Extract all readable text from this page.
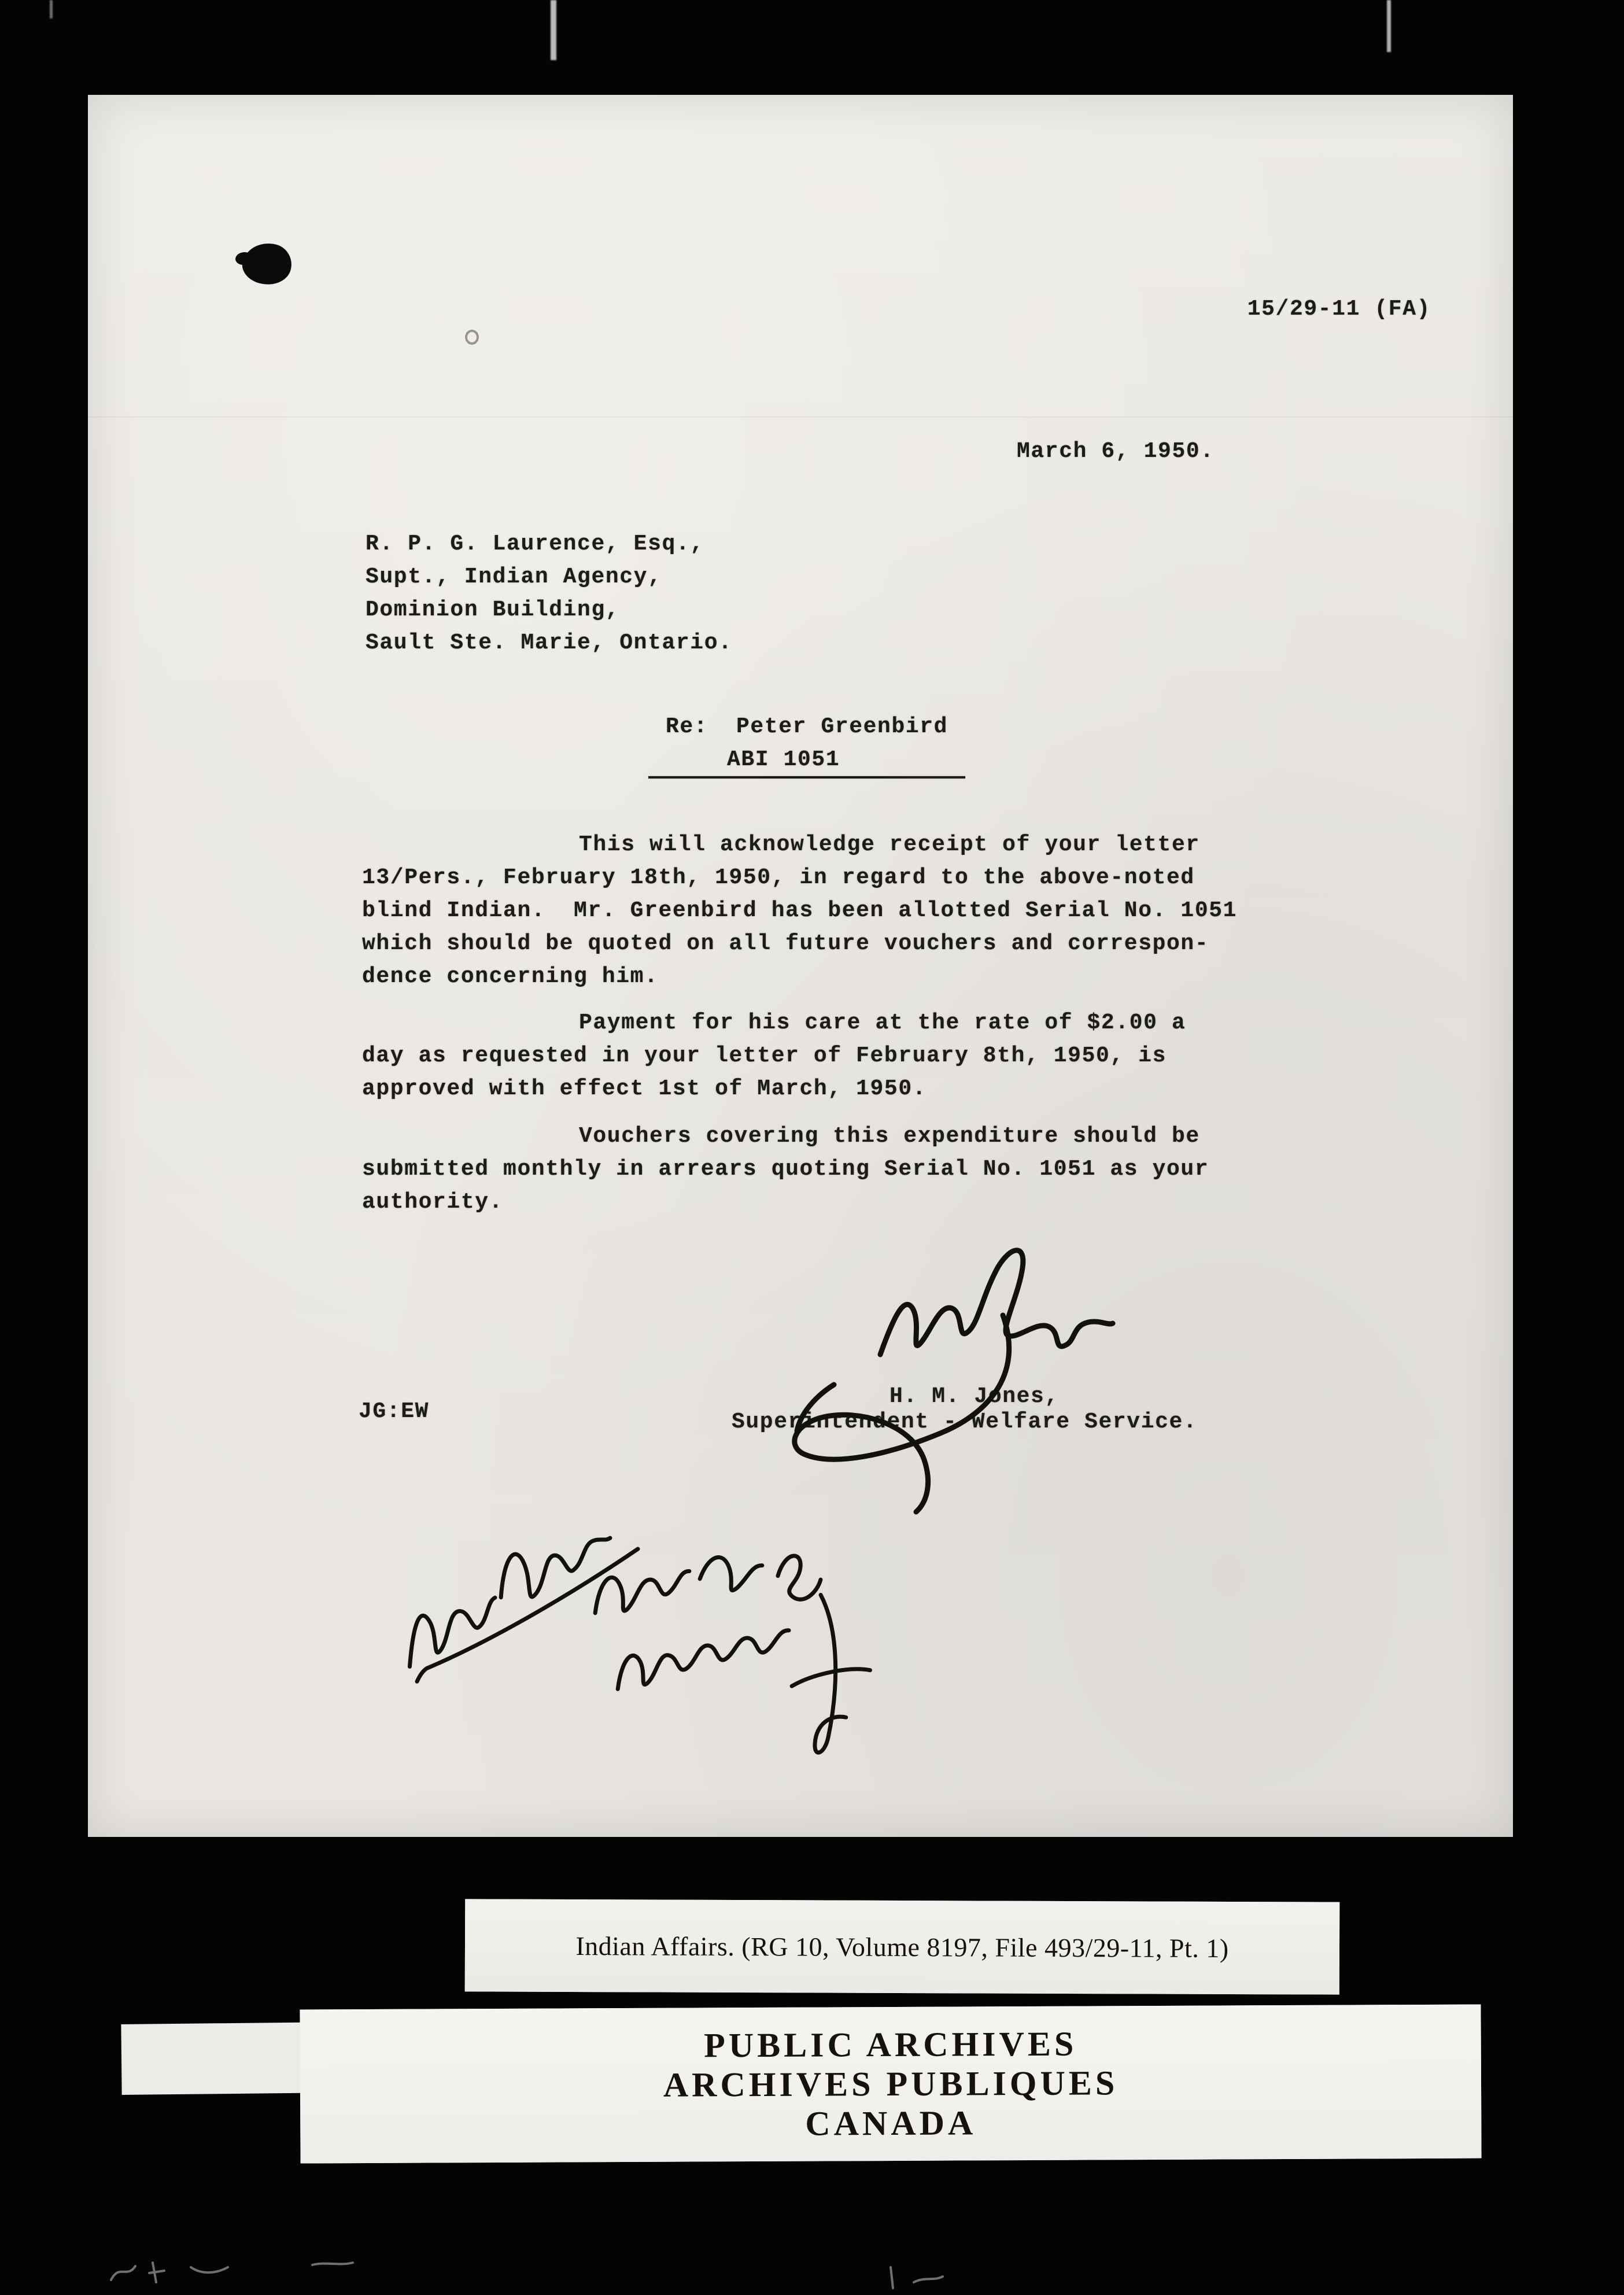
15/29-11 (FA)
March 6, 1950.
R. P. G. Laurence, Esq.,
Supt., Indian Agency,
Dominion Building,
Sault Ste. Marie, Ontario.
Re:  Peter Greenbird
ABI 1051
This will acknowledge receipt of your letter
13/Pers., February 18th, 1950, in regard to the above-noted
blind Indian.  Mr. Greenbird has been allotted Serial No. 1051
which should be quoted on all future vouchers and correspon-
dence concerning him.
Payment for his care at the rate of $2.00 a
day as requested in your letter of February 8th, 1950, is
approved with effect 1st of March, 1950.
Vouchers covering this expenditure should be
submitted monthly in arrears quoting Serial No. 1051 as your
authority.
JG:EW
H. M. Jones,
Superintendent - Welfare Service.
Indian Affairs. (RG 10, Volume 8197, File 493/29-11, Pt. 1)
PUBLIC ARCHIVES
ARCHIVES PUBLIQUES
CANADA
